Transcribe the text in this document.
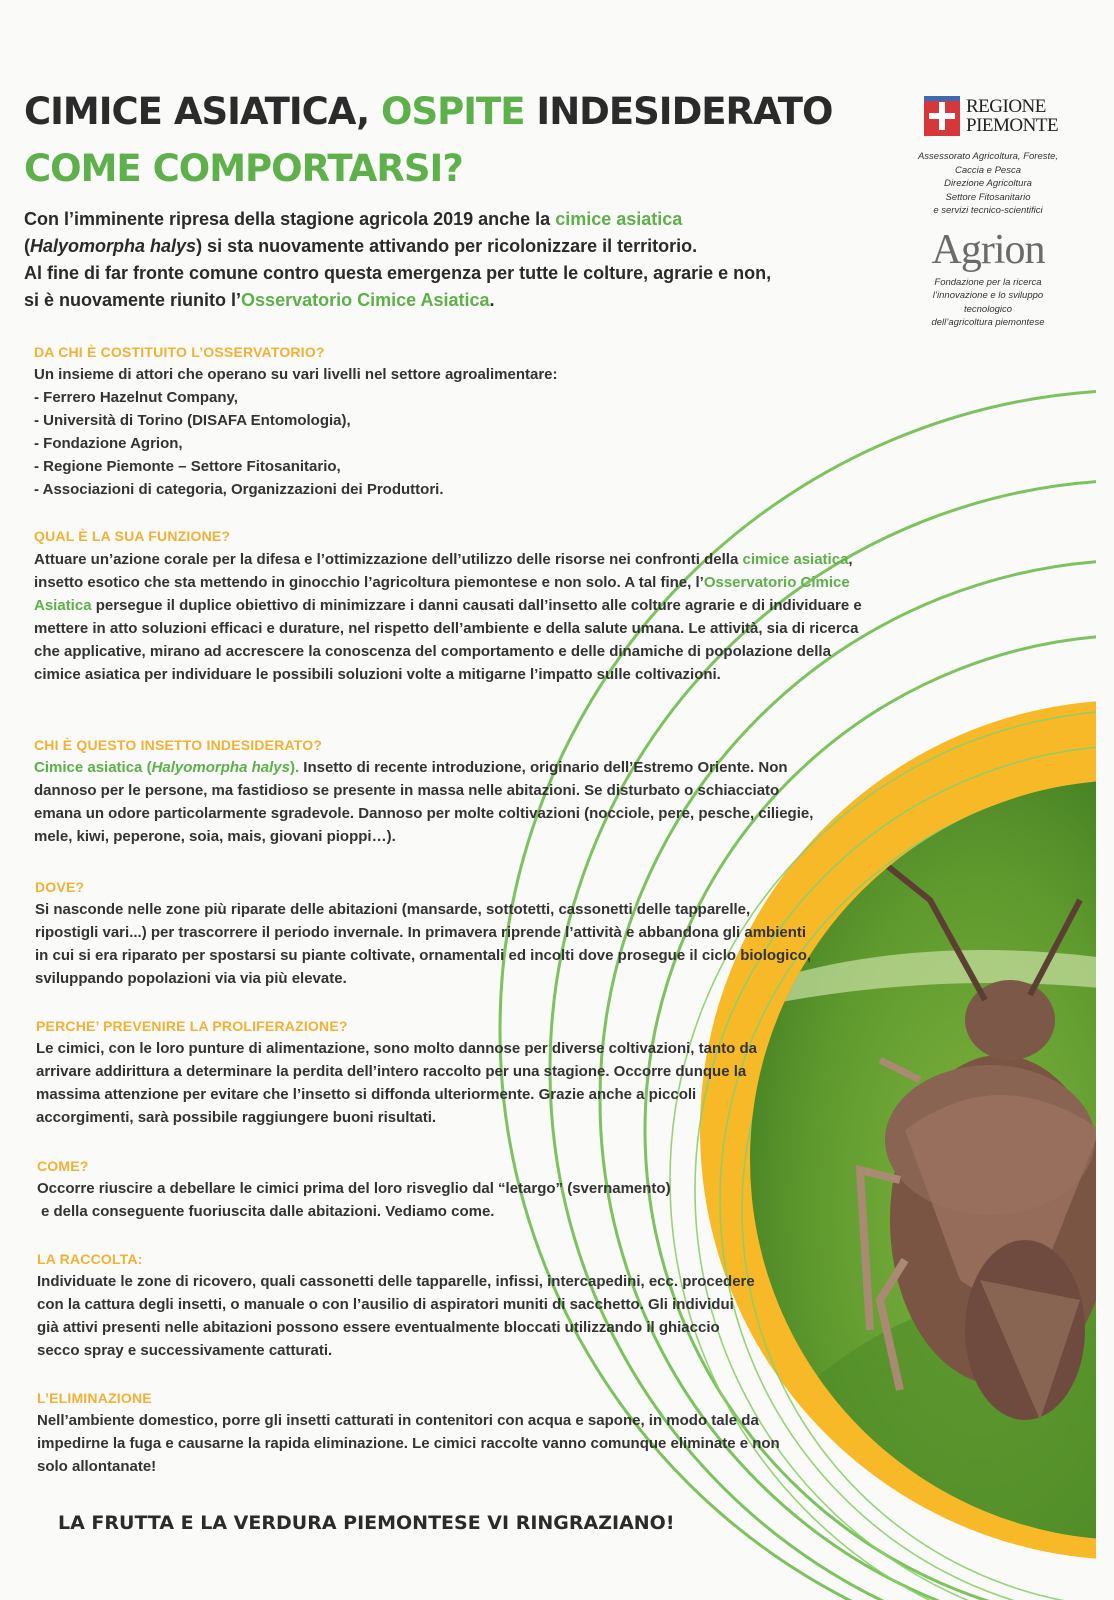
CIMICE ASIATICA, OSPITE INDESIDERATO
COME COMPORTARSI?

Con l’imminente ripresa della stagione agricola 2019 anche la cimice asiatica
(Halyomorpha halys) si sta nuovamente attivando per ricolonizzare il territorio.
Al fine di far fronte comune contro questa emergenza per tutte le colture, agrarie e non,
si è nuovamente riunito l’Osservatorio Cimice Asiatica.

REGIONE
PIEMONTE
Assessorato Agricoltura, Foreste,
Caccia e Pesca
Direzione Agricoltura
Settore Fitosanitario
e servizi tecnico-scientifici
Agrion
Fondazione per la ricerca
l’innovazione e lo sviluppo
tecnologico
dell’agricoltura piemontese
DA CHI È COSTITUITO L’OSSERVATORIO?
Un insieme di attori che operano su vari livelli nel settore agroalimentare:
- Ferrero Hazelnut Company,
- Università di Torino (DISAFA Entomologia),
- Fondazione Agrion,
- Regione Piemonte – Settore Fitosanitario,
- Associazioni di categoria, Organizzazioni dei Produttori.
QUAL È LA SUA FUNZIONE?

Attuare un’azione corale per la difesa e l’ottimizzazione dell’utilizzo delle risorse nei confronti della cimice asiatica, insetto esotico che sta mettendo in ginocchio l’agricoltura piemontese e non solo. A tal fine, l’Osservatorio Cimice Asiatica persegue il duplice obiettivo di minimizzare i danni causati dall’insetto alle colture agrarie e di individuare e mettere in atto soluzioni efficaci e durature, nel rispetto dell’ambiente e della salute umana. Le attività, sia di ricerca che applicative, mirano ad accrescere la conoscenza del comportamento e delle dinamiche di popolazione della cimice asiatica per individuare le possibili soluzioni volte a mitigarne l’impatto sulle coltivazioni.

CHI È QUESTO INSETTO INDESIDERATO?

Cimice asiatica (Halyomorpha halys). Insetto di recente introduzione, originario dell’Estremo Oriente. Non dannoso per le persone, ma fastidioso se presente in massa nelle abitazioni. Se disturbato o schiacciato emana un odore particolarmente sgradevole. Dannoso per molte coltivazioni (nocciole, pere, pesche, ciliegie, mele, kiwi, peperone, soia, mais, giovani pioppi…).

DOVE?

Si nasconde nelle zone più riparate delle abitazioni (mansarde, sottotetti, cassonetti delle tapparelle, ripostigli vari...) per trascorrere il periodo invernale. In primavera riprende l’attività e abbandona gli ambienti in cui si era riparato per spostarsi su piante coltivate, ornamentali ed incolti dove prosegue il ciclo biologico, sviluppando popolazioni via via più elevate.

PERCHE’ PREVENIRE LA PROLIFERAZIONE?

Le cimici, con le loro punture di alimentazione, sono molto dannose per diverse coltivazioni, tanto da arrivare addirittura a determinare la perdita dell’intero raccolto per una stagione. Occorre dunque la massima attenzione per evitare che l’insetto si diffonda ulteriormente. Grazie anche a piccoli accorgimenti, sarà possibile raggiungere buoni risultati.

COME?
Occorre riuscire a debellare le cimici prima del loro risveglio dal “letargo” (svernamento)
e della conseguente fuoriuscita dalle abitazioni. Vediamo come.
LA RACCOLTA:

Individuate le zone di ricovero, quali cassonetti delle tapparelle, infissi, intercapedini, ecc. procedere con la cattura degli insetti, o manuale o con l’ausilio di aspiratori muniti di sacchetto. Gli individui già attivi presenti nelle abitazioni possono essere eventualmente bloccati utilizzando il ghiaccio secco spray e successivamente catturati.

L’ELIMINAZIONE

Nell’ambiente domestico, porre gli insetti catturati in contenitori con acqua e sapone, in modo tale da impedirne la fuga e causarne la rapida eliminazione. Le cimici raccolte vanno comunque eliminate e non solo allontanate!

LA FRUTTA E LA VERDURA PIEMONTESE VI RINGRAZIANO!
